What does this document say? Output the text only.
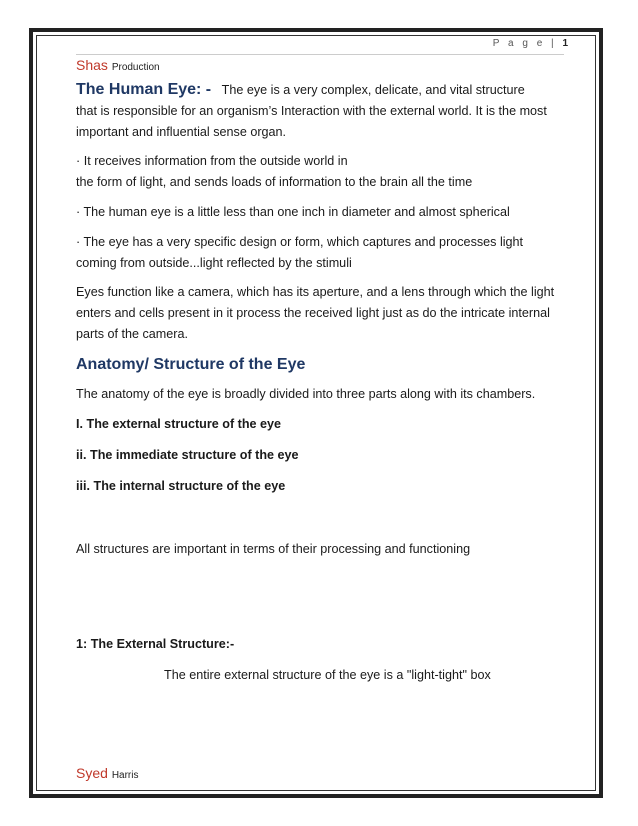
P a g e | 1

Shas Production

The Human Eye: - The eye is a very complex, delicate, and vital structure
that is responsible for an organism’s Interaction with the external world. It is the most important and influential sense organ.

· It receives information from the outside world in
the form of light, and sends loads of information to the brain all the time

· The human eye is a little less than one inch in diameter and almost spherical

· The eye has a very specific design or form, which captures and processes light
coming from outside...light reflected by the stimuli

Eyes function like a camera, which has its aperture, and a lens through which the light enters and cells present in it process the received light just as do the intricate internal parts of the camera.

Anatomy/ Structure of the Eye

The anatomy of the eye is broadly divided into three parts along with its chambers.

I. The external structure of the eye

ii. The immediate structure of the eye

iii. The internal structure of the eye

All structures are important in terms of their processing and functioning

1: The External Structure:-

The entire external structure of the eye is a "light-tight" box

Syed Harris
